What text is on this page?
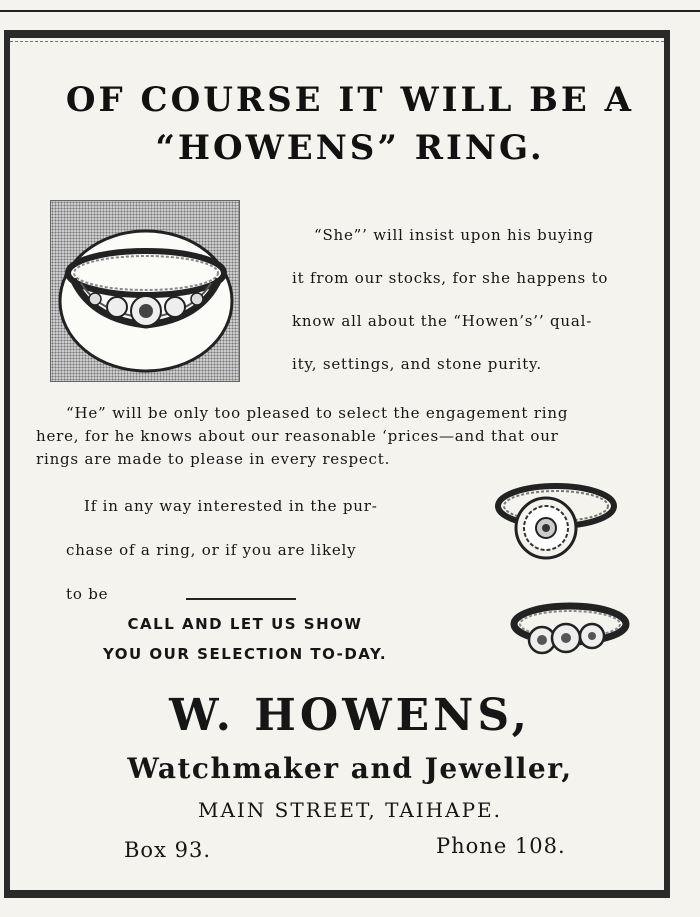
OF COURSE IT WILL BE A
“HOWENS” RING.
“She”’ will insist upon his buying
it from our stocks, for she happens to
know all about the “Howen’s’’ qual-
ity, settings, and stone purity.
“He” will be only too pleased to select the engagement ring
here, for he knows about our reasonable ‘prices—and that our
rings are made to please in every respect.
If in any way interested in the pur-
chase of a ring, or if you are likely
to be
CALL AND LET US SHOW
YOU OUR SELECTION TO-DAY.
W. HOWENS,
Watchmaker and Jeweller,
MAIN STREET, TAIHAPE.
Box 93.	Phone 108.
